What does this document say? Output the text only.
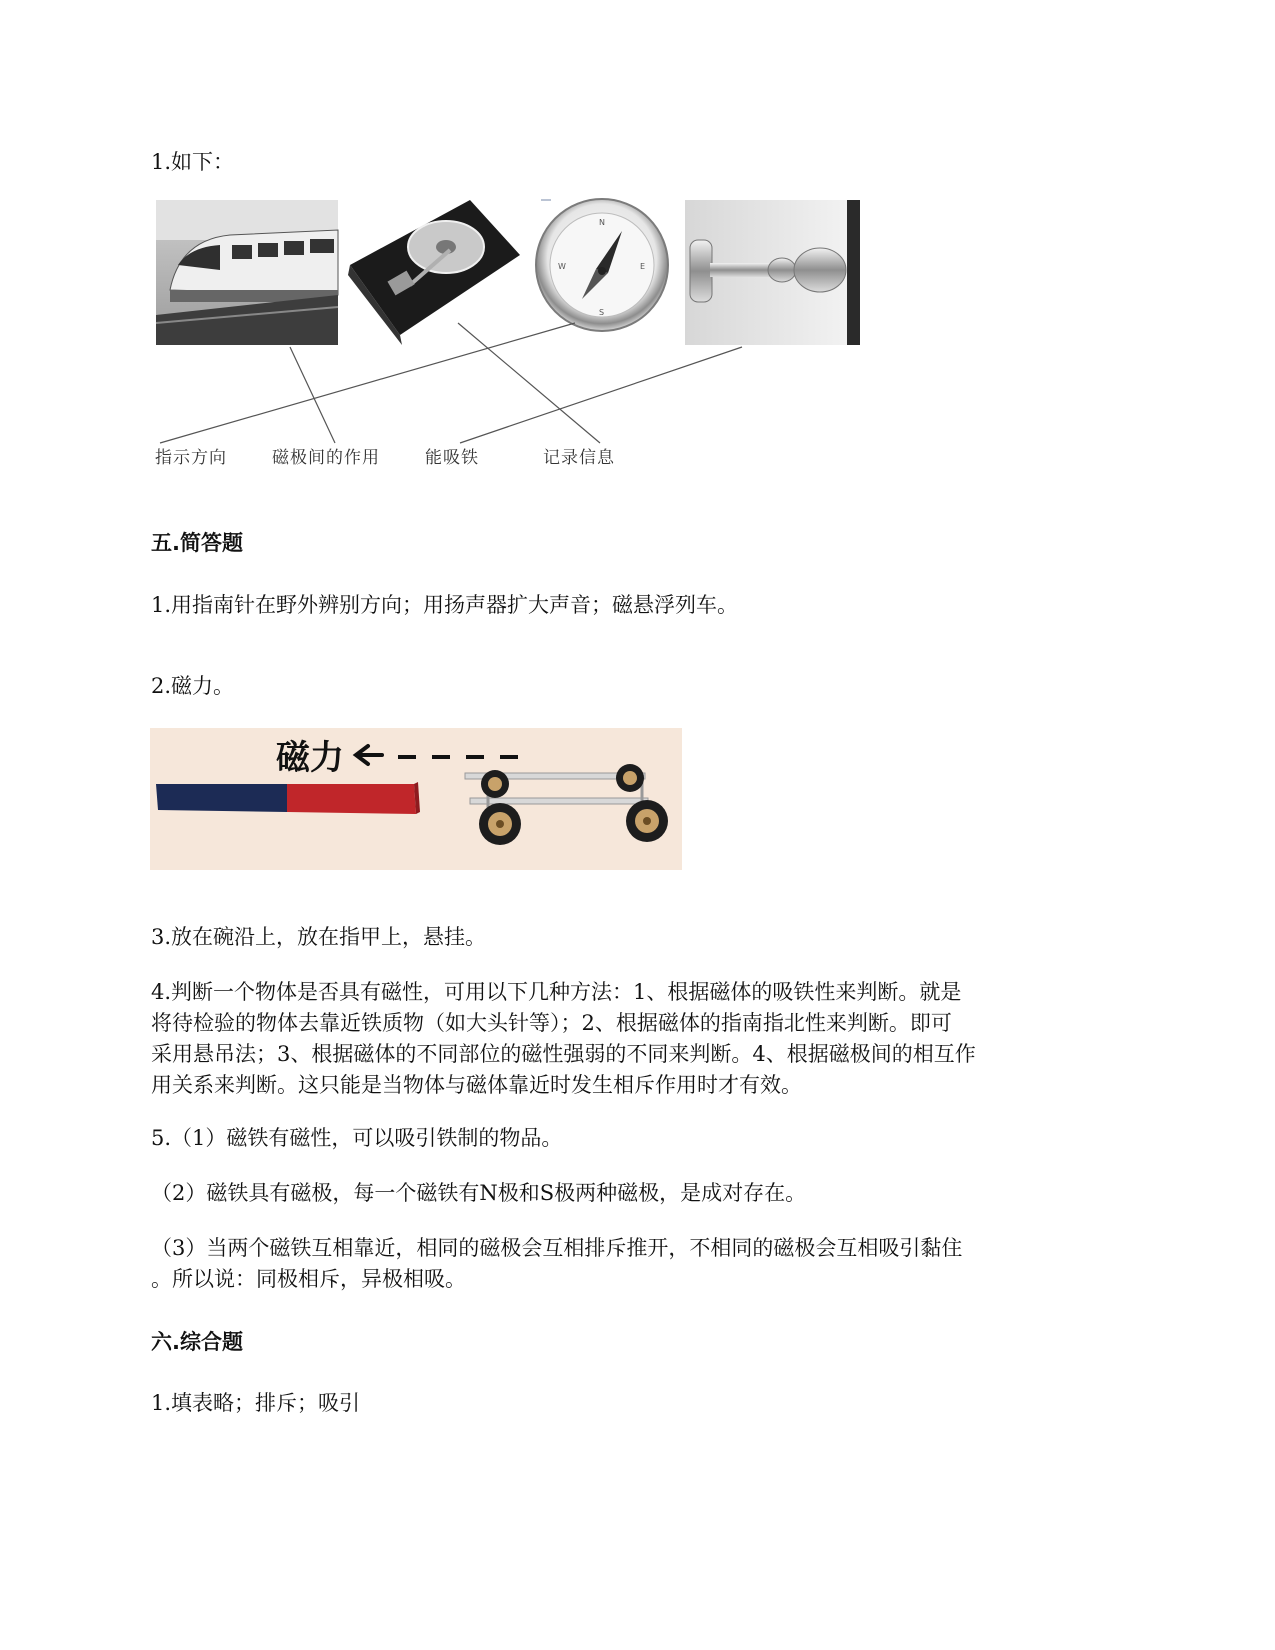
1.如下：
N
S
W	E
指示方向	磁极间的作用	能吸铁	记录信息
五.简答题
1.用指南针在野外辨别方向；用扬声器扩大声音；磁悬浮列车。
2.磁力。
磁力
3.放在碗沿上，放在指甲上，悬挂。
4.判断一个物体是否具有磁性，可用以下几种方法：1、根据磁体的吸铁性来判断。就是
将待检验的物体去靠近铁质物（如大头针等）；2、根据磁体的指南指北性来判断。即可
采用悬吊法；3、根据磁体的不同部位的磁性强弱的不同来判断。4、根据磁极间的相互作
用关系来判断。这只能是当物体与磁体靠近时发生相斥作用时才有效。
5.（1）磁铁有磁性，可以吸引铁制的物品。
（2）磁铁具有磁极，每一个磁铁有N极和S极两种磁极，是成对存在。
（3）当两个磁铁互相靠近，相同的磁极会互相排斥推开，不相同的磁极会互相吸引黏住
。所以说：同极相斥，异极相吸。
六.综合题
1.填表略；排斥；吸引
